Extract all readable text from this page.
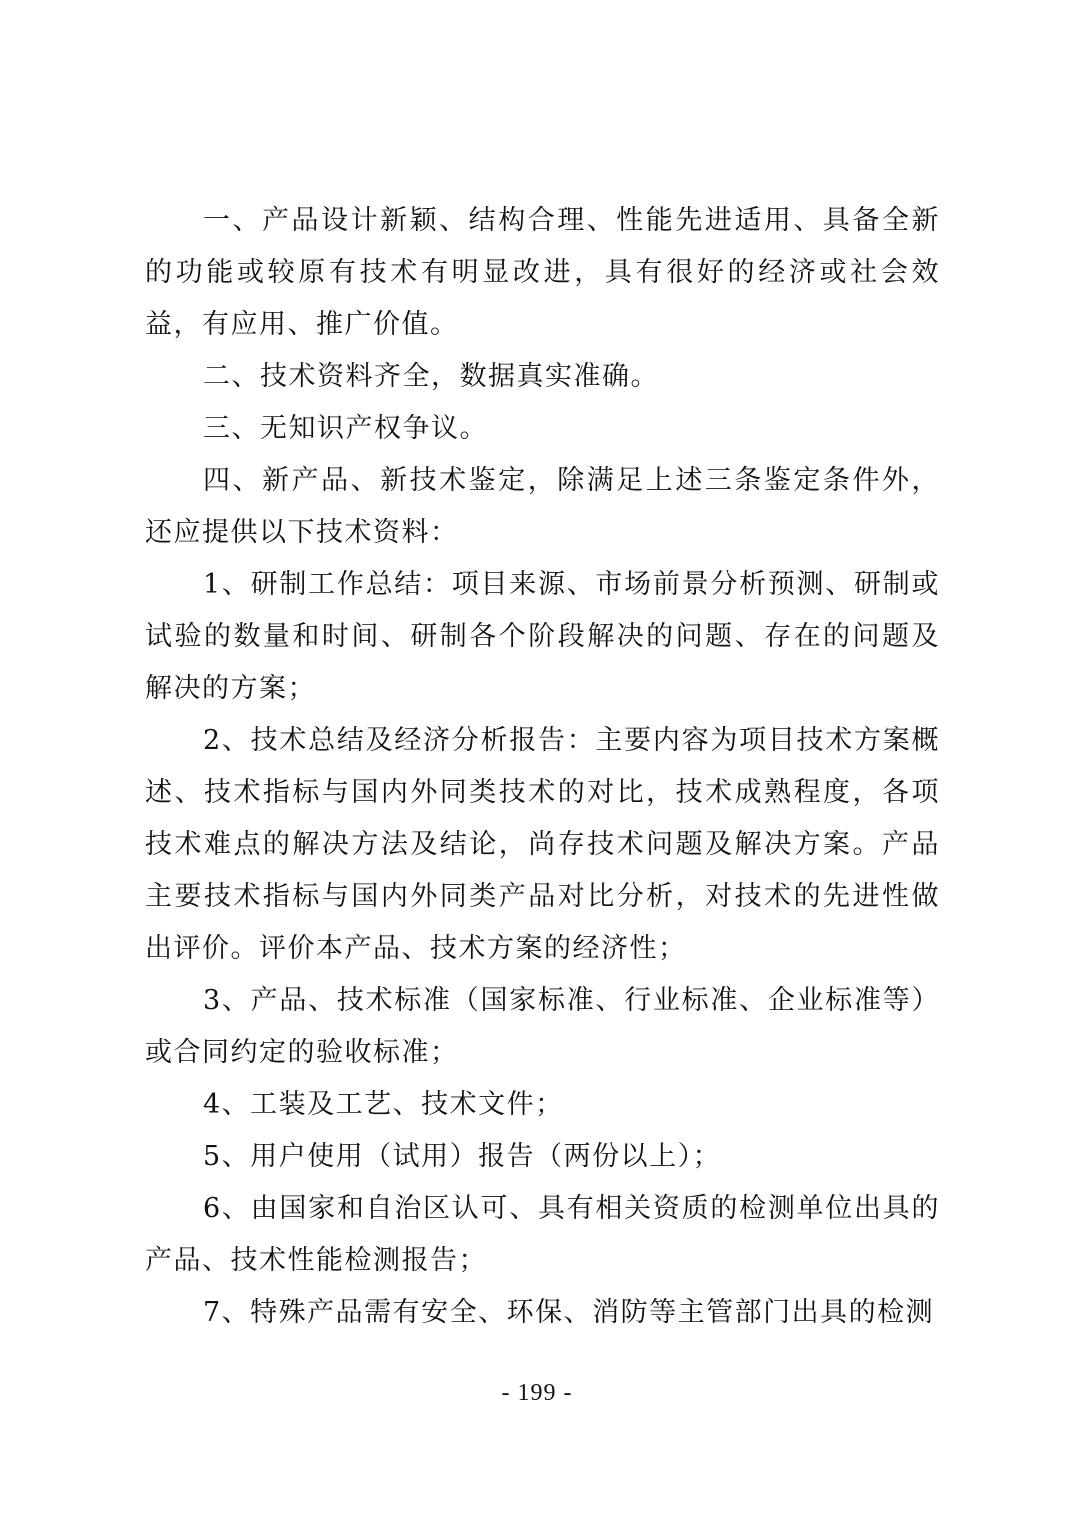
一、产品设计新颖、结构合理、性能先进适用、具备全新的功能或较原有技术有明显改进，具有很好的经济或社会效益，有应用、推广价值。

二、技术资料齐全，数据真实准确。

三、无知识产权争议。

四、新产品、新技术鉴定，除满足上述三条鉴定条件外，还应提供以下技术资料：

1、研制工作总结：项目来源、市场前景分析预测、研制或试验的数量和时间、研制各个阶段解决的问题、存在的问题及解决的方案；

2、技术总结及经济分析报告：主要内容为项目技术方案概述、技术指标与国内外同类技术的对比，技术成熟程度，各项技术难点的解决方法及结论，尚存技术问题及解决方案。产品主要技术指标与国内外同类产品对比分析，对技术的先进性做出评价。评价本产品、技术方案的经济性；

3、产品、技术标准（国家标准、行业标准、企业标准等）或合同约定的验收标准；

4、工装及工艺、技术文件；

5、用户使用（试用）报告（两份以上）；

6、由国家和自治区认可、具有相关资质的检测单位出具的产品、技术性能检测报告；

7、特殊产品需有安全、环保、消防等主管部门出具的检测

- 199 -
